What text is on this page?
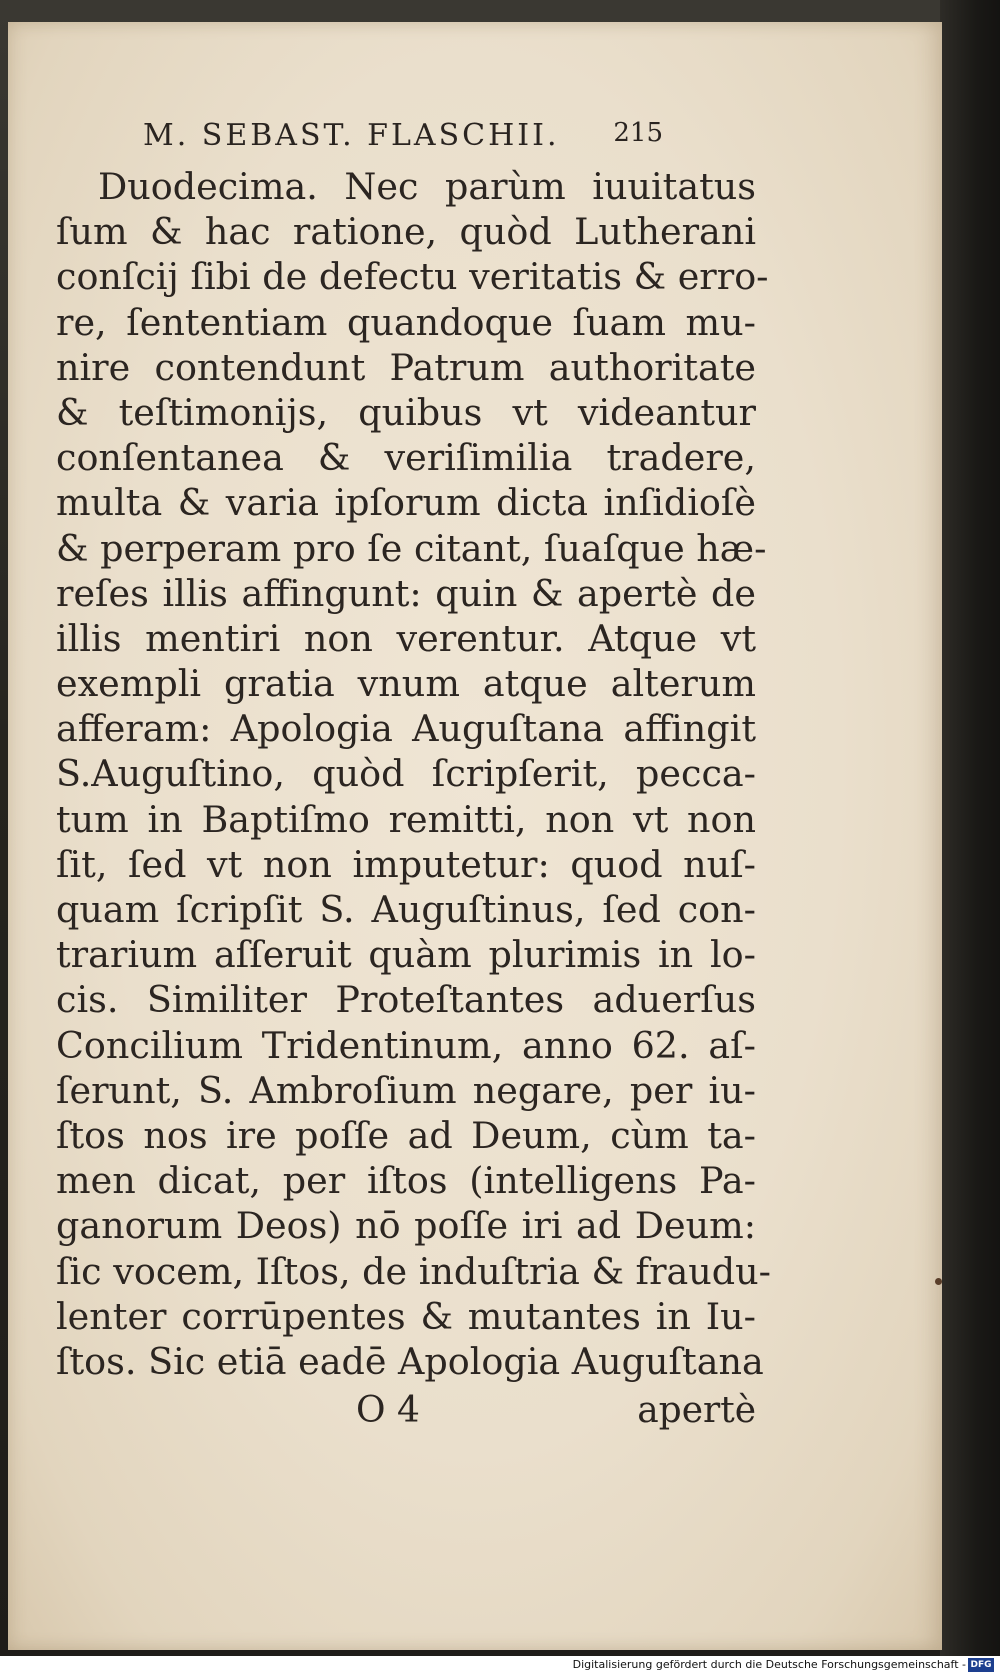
M. SEBAST. FLASCHII. 215
Duodecima. Nec parùm iuuitatus
ſum & hac ratione, quòd Lutherani
conſcij ſibi de defectu veritatis & erro-
re, ſententiam quandoque ſuam mu-
nire contendunt Patrum authoritate
& teſtimonijs, quibus vt videantur
conſentanea & veriſimilia tradere,
multa & varia ipſorum dicta inſidioſè
& perperam pro ſe citant, ſuaſque hæ-
reſes illis affingunt: quin & apertè de
illis mentiri non verentur. Atque vt
exempli gratia vnum atque alterum
afferam: Apologia Auguſtana affingit
S.Auguſtino, quòd ſcripſerit, pecca-
tum in Baptiſmo remitti, non vt non
ſit, ſed vt non imputetur: quod nuſ-
quam ſcripſit S. Auguſtinus, ſed con-
trarium aſſeruit quàm plurimis in lo-
cis. Similiter Proteſtantes aduerſus
Concilium Tridentinum, anno 62. aſ-
ſerunt, S. Ambroſium negare, per iu-
ſtos nos ire poſſe ad Deum, cùm ta-
men dicat, per iſtos (intelligens Pa-
ganorum Deos) nō poſſe iri ad Deum:
ſic vocem, Iſtos, de induſtria & fraudu-
lenter corrūpentes & mutantes in Iu-
ſtos. Sic etiā eadē Apologia Auguſtana
O 4	apertè
Digitalisierung gefördert durch die Deutsche Forschungsgemeinschaft - DFG
